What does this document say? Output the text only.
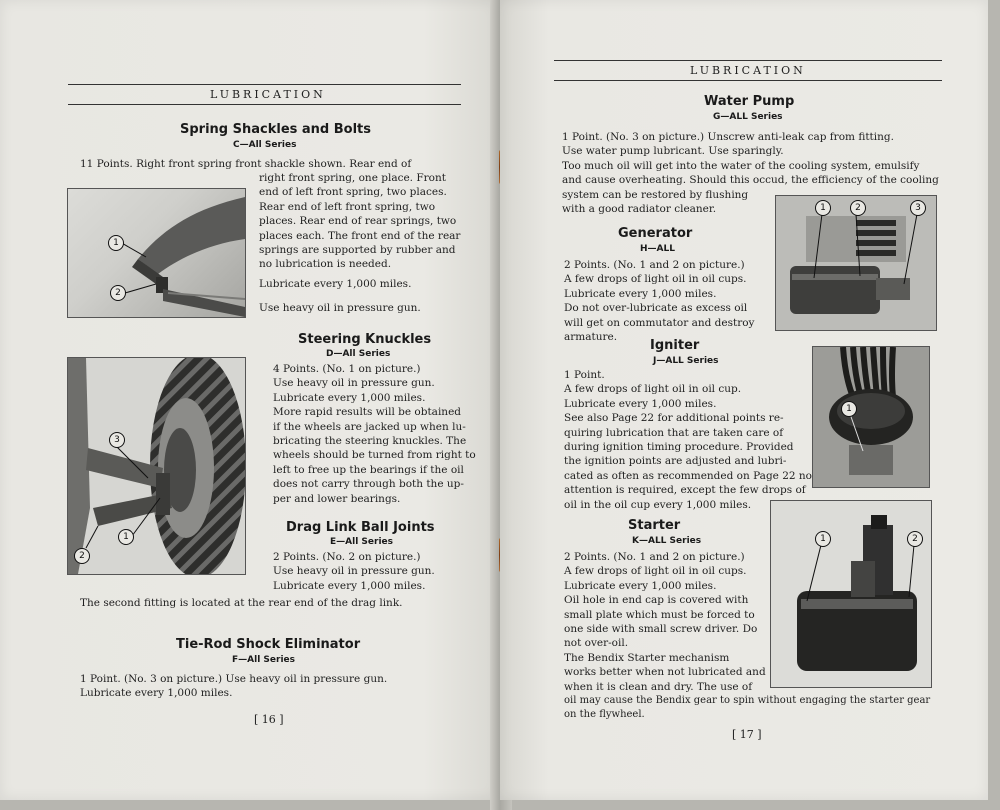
LUBRICATION
Spring Shackles and Bolts
C—All Series
11 Points. Right front spring front shackle shown. Rear end of
right front spring, one place. Front
end of left front spring, two places.
Rear end of left front spring, two
places. Rear end of rear springs, two
places each. The front end of the rear
springs are supported by rubber and
no lubrication is needed.
Lubricate every 1,000 miles.
Use heavy oil in pressure gun.
1
2
Steering Knuckles
D—All Series
4 Points. (No. 1 on picture.)
Use heavy oil in pressure gun.
Lubricate every 1,000 miles.
More rapid results will be obtained
if the wheels are jacked up when lu-
bricating the steering knuckles. The
wheels should be turned from right to
left to free up the bearings if the oil
does not carry through both the up-
per and lower bearings.
3
1
2
Drag Link Ball Joints
E—All Series
2 Points. (No. 2 on picture.)
Use heavy oil in pressure gun.
Lubricate every 1,000 miles.
The second fitting is located at the rear end of the drag link.
Tie-Rod Shock Eliminator
F—All Series
1 Point. (No. 3 on picture.) Use heavy oil in pressure gun.
Lubricate every 1,000 miles.
[ 16 ]
LUBRICATION
Water Pump
G—ALL Series
1 Point. (No. 3 on picture.) Unscrew anti-leak cap from fitting.
Use water pump lubricant. Use sparingly.
Too much oil will get into the water of the cooling system, emulsify
and cause overheating. Should this occud, the efficiency of the cooling
system can be restored by flushing
with a good radiator cleaner.	1	2	3
Generator
H—ALL
2 Points. (No. 1 and 2 on picture.)
A few drops of light oil in oil cups.
Lubricate every 1,000 miles.
Do not over-lubricate as excess oil
will get on commutator and destroy
armature.
1
Igniter
J—ALL Series
1 Point.
A few drops of light oil in oil cup.
Lubricate every 1,000 miles.
See also Page 22 for additional points re-
quiring lubrication that are taken care of
during ignition timing procedure. Provided
the ignition points are adjusted and lubri-
cated as often as recommended on Page 22 no
attention is required, except the few drops of
oil in the oil cup every 1,000 miles.
1	2
Starter
K—ALL Series
2 Points. (No. 1 and 2 on picture.)
A few drops of light oil in oil cups.
Lubricate every 1,000 miles.
Oil hole in end cap is covered with
small plate which must be forced to
one side with small screw driver. Do
not over-oil.
The Bendix Starter mechanism
works better when not lubricated and
when it is clean and dry. The use of
oil may cause the Bendix gear to spin without engaging the starter gear
on the flywheel.
[ 17 ]
